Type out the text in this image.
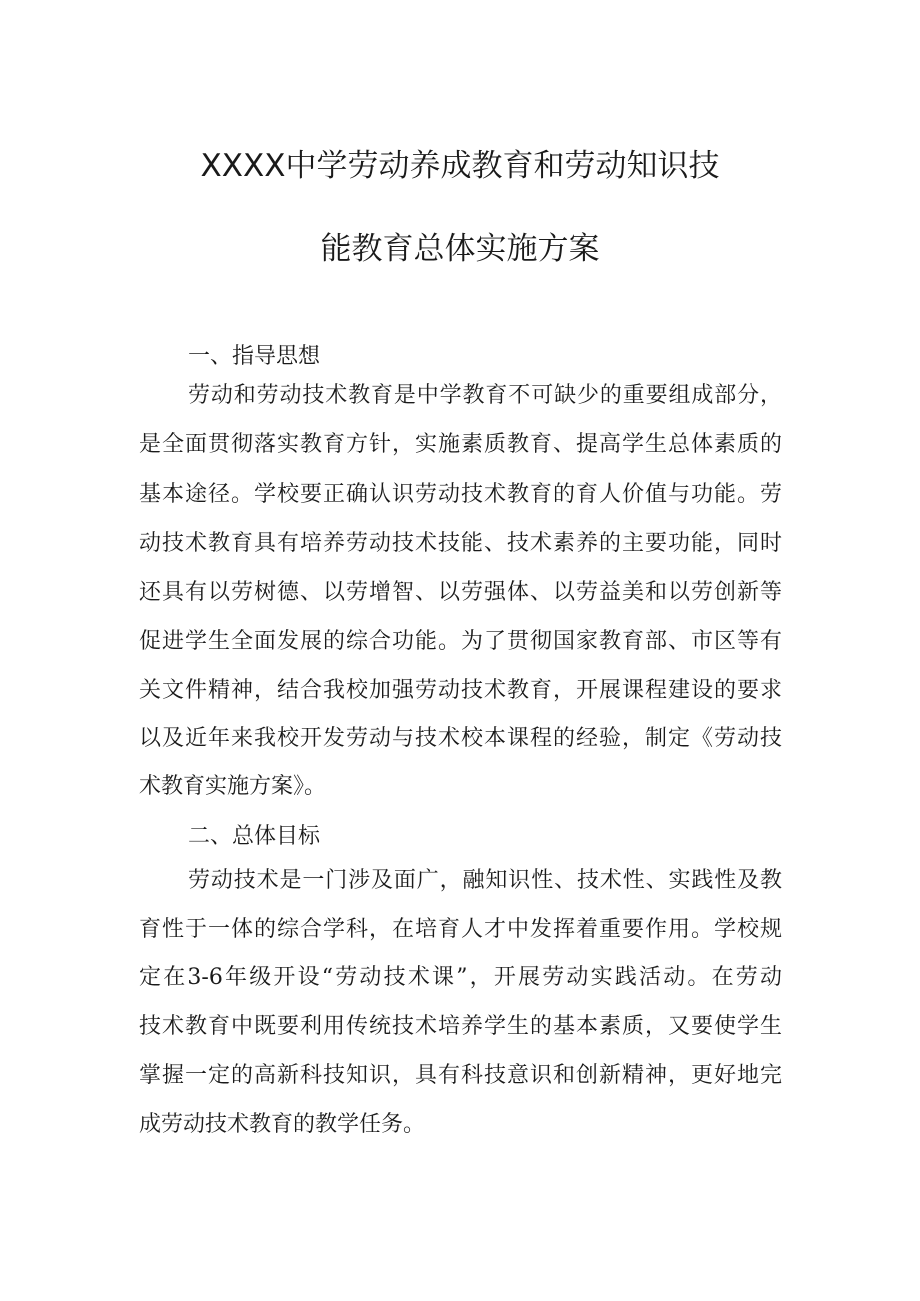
XXXX中学劳动养成教育和劳动知识技
能教育总体实施方案
一、指导思想
劳动和劳动技术教育是中学教育不可缺少的重要组成部分，
是全面贯彻落实教育方针，实施素质教育、提高学生总体素质的
基本途径。学校要正确认识劳动技术教育的育人价值与功能。劳
动技术教育具有培养劳动技术技能、技术素养的主要功能，同时
还具有以劳树德、以劳增智、以劳强体、以劳益美和以劳创新等
促进学生全面发展的综合功能。为了贯彻国家教育部、市区等有
关文件精神，结合我校加强劳动技术教育，开展课程建设的要求
以及近年来我校开发劳动与技术校本课程的经验，制定《劳动技
术教育实施方案》。
二、总体目标
劳动技术是一门涉及面广，融知识性、技术性、实践性及教
育性于一体的综合学科，在培育人才中发挥着重要作用。学校规
定在3-6年级开设“劳动技术课”，开展劳动实践活动。在劳动
技术教育中既要利用传统技术培养学生的基本素质，又要使学生
掌握一定的高新科技知识，具有科技意识和创新精神，更好地完
成劳动技术教育的教学任务。
